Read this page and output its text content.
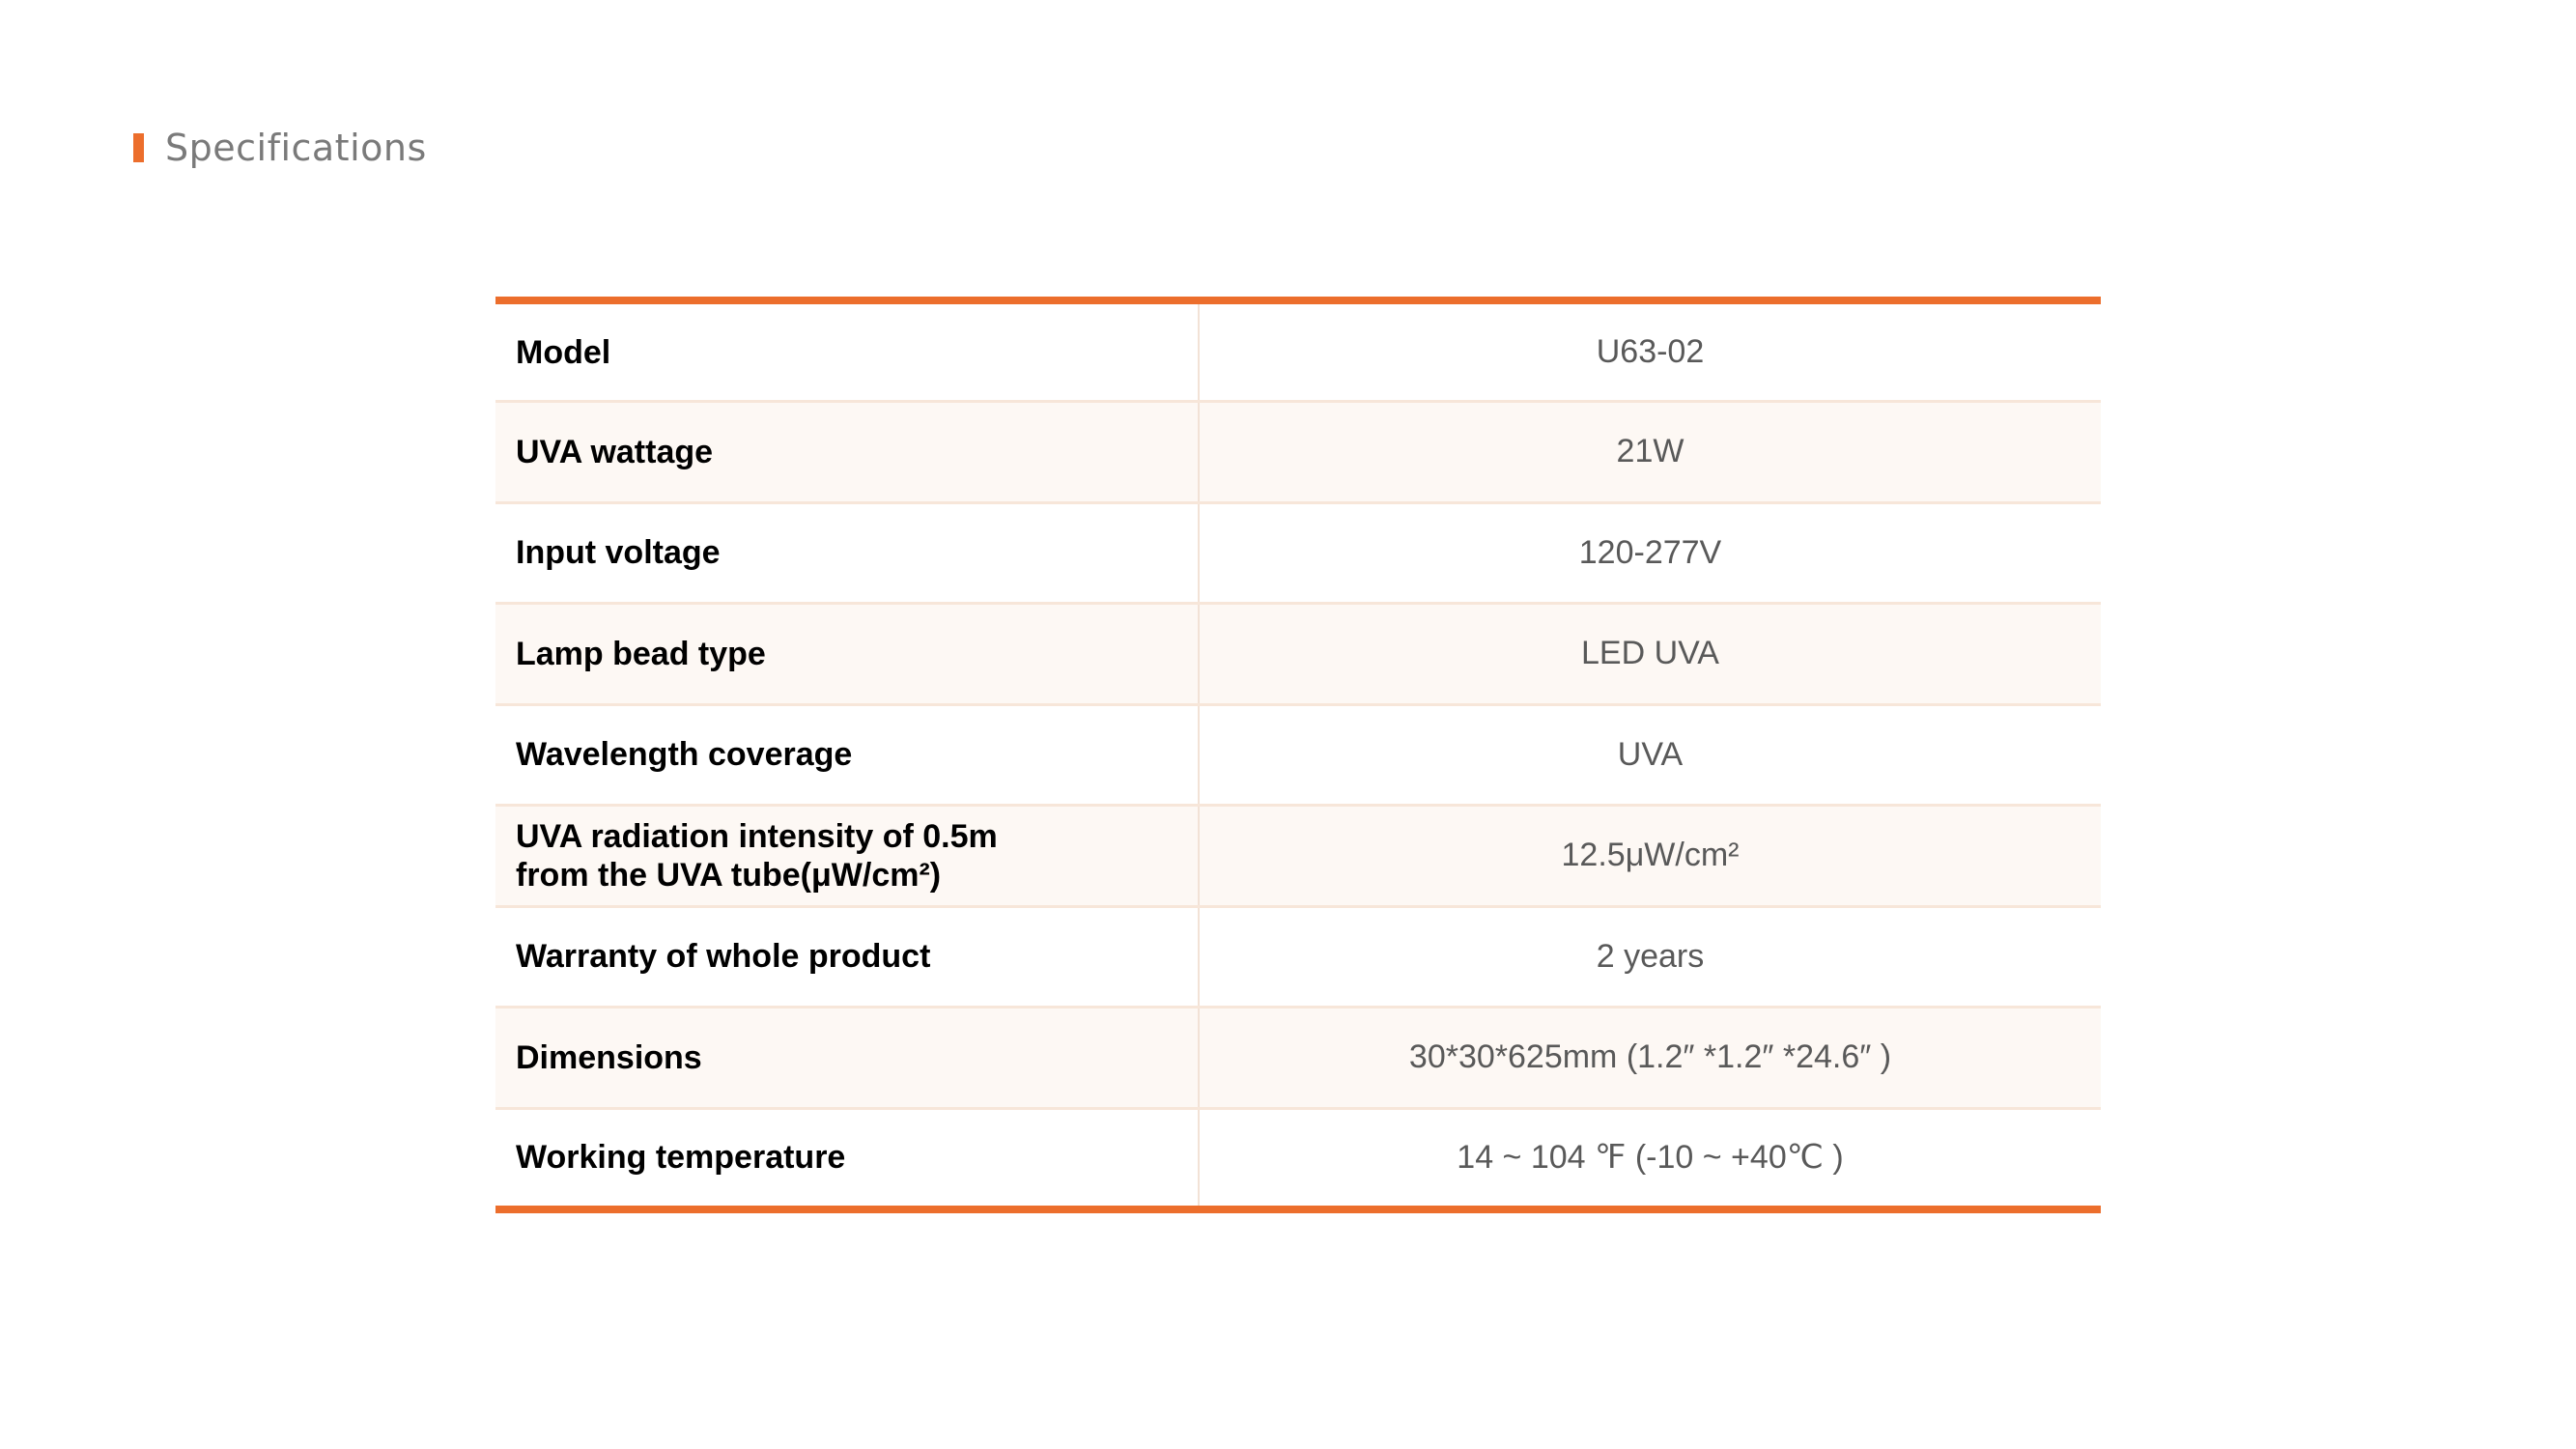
Specifications
Model	U63-02
UVA wattage	21W
Input voltage	120-277V
Lamp bead type	LED UVA
Wavelength coverage	UVA
UVA radiation intensity of 0.5m
from the UVA tube(μW/cm²)	12.5μW/cm²
Warranty of whole product	2 years
Dimensions	30*30*625mm (1.2″ *1.2″ *24.6″ )
Working temperature	14 ~ 104 ℉ (-10 ~ +40℃ )
